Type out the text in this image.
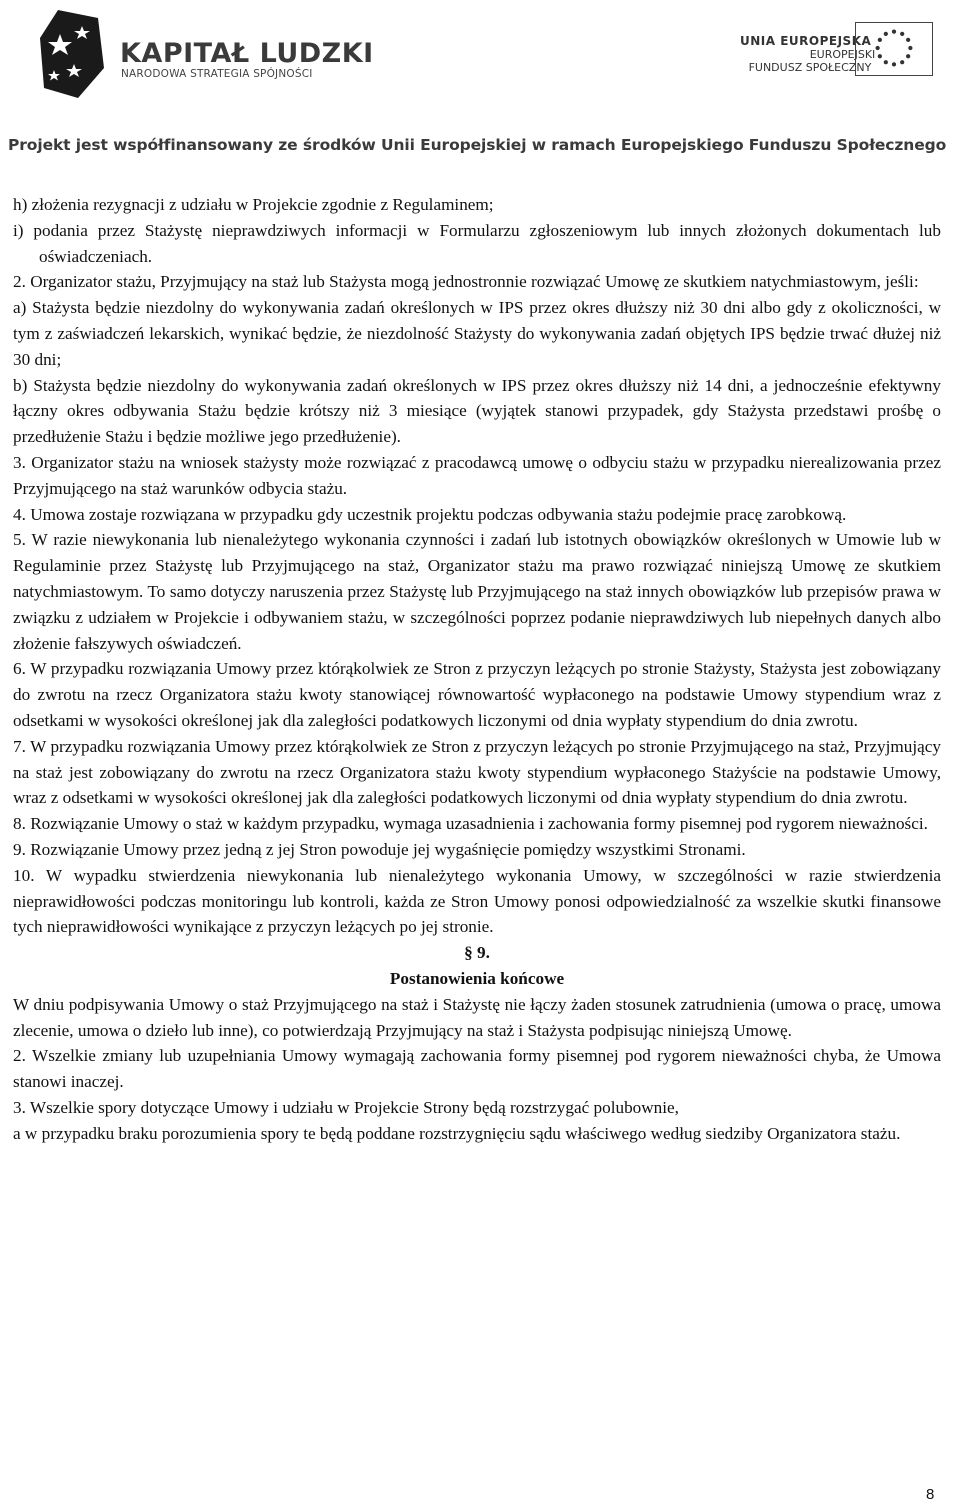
KAPITAŁ LUDZKI
NARODOWA STRATEGIA SPÓJNOŚCI
UNIA EUROPEJSKA
EUROPEJSKI
FUNDUSZ SPOŁECZNY
Projekt jest współfinansowany ze środków Unii Europejskiej w ramach Europejskiego Funduszu Społecznego

h) złożenia rezygnacji z udziału w Projekcie zgodnie z Regulaminem;

i) podania przez Stażystę nieprawdziwych informacji w Formularzu zgłoszeniowym lub innych złożonych dokumentach lub oświadczeniach.

2. Organizator stażu, Przyjmujący na staż lub Stażysta mogą jednostronnie rozwiązać Umowę ze skutkiem natychmiastowym, jeśli:

a) Stażysta będzie niezdolny do wykonywania zadań określonych w IPS przez okres dłuższy niż 30 dni albo gdy z okoliczności, w tym z zaświadczeń lekarskich, wynikać będzie, że niezdolność Stażysty do wykonywania zadań objętych IPS będzie trwać dłużej niż 30 dni;

b) Stażysta będzie niezdolny do wykonywania zadań określonych w IPS przez okres dłuższy niż 14 dni, a jednocześnie efektywny łączny okres odbywania Stażu będzie krótszy niż 3 miesiące (wyjątek stanowi przypadek, gdy Stażysta przedstawi prośbę o przedłużenie Stażu i będzie możliwe jego przedłużenie).

3. Organizator stażu na wniosek stażysty może rozwiązać z pracodawcą umowę o odbyciu stażu w przypadku nierealizowania przez Przyjmującego na staż warunków odbycia stażu.

4. Umowa zostaje rozwiązana w przypadku gdy uczestnik projektu podczas odbywania stażu podejmie pracę zarobkową.

5. W razie niewykonania lub nienależytego wykonania czynności i zadań lub istotnych obowiązków określonych w Umowie lub w Regulaminie przez Stażystę lub Przyjmującego na staż, Organizator stażu ma prawo rozwiązać niniejszą Umowę ze skutkiem natychmiastowym. To samo dotyczy naruszenia przez Stażystę lub Przyjmującego na staż innych obowiązków lub przepisów prawa w związku z udziałem w Projekcie i odbywaniem stażu, w szczególności poprzez podanie nieprawdziwych lub niepełnych danych albo złożenie fałszywych oświadczeń.

6. W przypadku rozwiązania Umowy przez którąkolwiek ze Stron z przyczyn leżących po stronie Stażysty, Stażysta jest zobowiązany do zwrotu na rzecz Organizatora stażu kwoty stanowiącej równowartość wypłaconego na podstawie Umowy stypendium wraz z odsetkami w wysokości określonej jak dla zaległości podatkowych liczonymi od dnia wypłaty stypendium do dnia zwrotu.

7. W przypadku rozwiązania Umowy przez którąkolwiek ze Stron z przyczyn leżących po stronie Przyjmującego na staż, Przyjmujący na staż jest zobowiązany do zwrotu na rzecz Organizatora stażu kwoty stypendium wypłaconego Stażyście na podstawie Umowy, wraz z odsetkami w wysokości określonej jak dla zaległości podatkowych liczonymi od dnia wypłaty stypendium do dnia zwrotu.

8. Rozwiązanie Umowy o staż w każdym przypadku, wymaga uzasadnienia i zachowania formy pisemnej pod rygorem nieważności.

9. Rozwiązanie Umowy przez jedną z jej Stron powoduje jej wygaśnięcie pomiędzy wszystkimi Stronami.

10. W wypadku stwierdzenia niewykonania lub nienależytego wykonania Umowy, w szczególności w razie stwierdzenia nieprawidłowości podczas monitoringu lub kontroli, każda ze Stron Umowy ponosi odpowiedzialność za wszelkie skutki finansowe tych nieprawidłowości wynikające z przyczyn leżących po jej stronie.

§ 9.

Postanowienia końcowe

W dniu podpisywania Umowy o staż Przyjmującego na staż i Stażystę nie łączy żaden stosunek zatrudnienia (umowa o pracę, umowa zlecenie, umowa o dzieło lub inne), co potwierdzają Przyjmujący na staż i Stażysta podpisując niniejszą Umowę.

2. Wszelkie zmiany lub uzupełniania Umowy wymagają zachowania formy pisemnej pod rygorem nieważności chyba, że Umowa stanowi inaczej.

3. Wszelkie spory dotyczące Umowy i udziału w Projekcie Strony będą rozstrzygać polubownie,

a w przypadku braku porozumienia spory te będą poddane rozstrzygnięciu sądu właściwego według siedziby Organizatora stażu.

8
